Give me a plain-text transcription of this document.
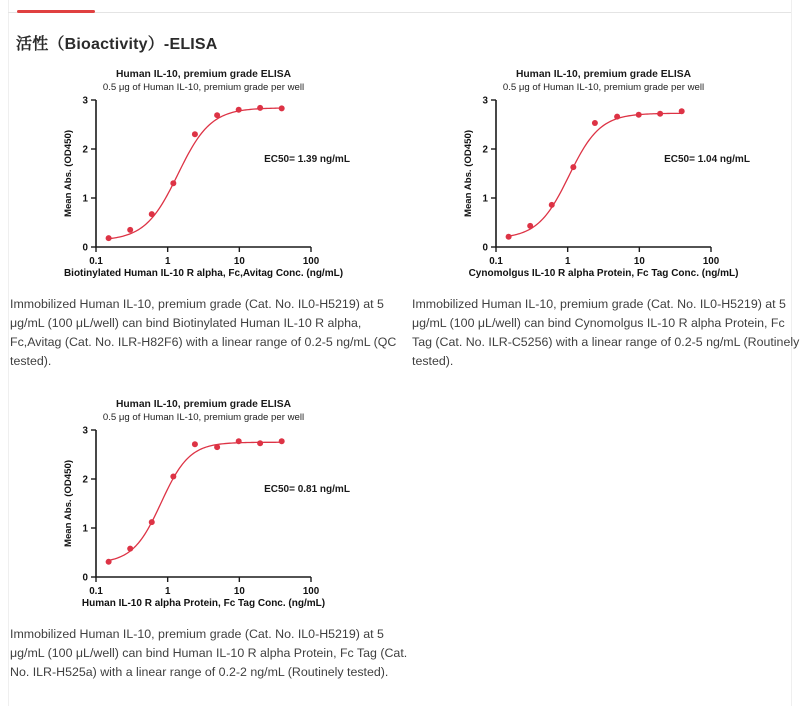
活性（Bioactivity）-ELISA
Human IL-10, premium grade ELISA
0.5 μg of Human IL-10, premium grade per well
0
1
2
3
0.1	1	10	100
Mean Abs. (OD450)
Biotinylated Human IL-10 R alpha, Fc,Avitag Conc. (ng/mL)
EC50= 1.39 ng/mL
Human IL-10, premium grade ELISA
0.5 μg of Human IL-10, premium grade per well
0
1
2
3
0.1	1	10	100
Mean Abs. (OD450)
Cynomolgus IL-10 R alpha Protein, Fc Tag Conc. (ng/mL)
EC50= 1.04 ng/mL
Human IL-10, premium grade ELISA
0.5 μg of Human IL-10, premium grade per well
0
1
2
3
0.1	1	10	100
Mean Abs. (OD450)
Human IL-10 R alpha Protein, Fc Tag Conc. (ng/mL)
EC50= 0.81 ng/mL

Immobilized Human IL-10, premium grade (Cat. No. IL0-H5219) at 5 μg/mL (100 μL/well) can bind Biotinylated Human IL-10 R alpha, Fc,Avitag (Cat. No. ILR-H82F6) with a linear range of 0.2-5 ng/mL (QC tested).

Immobilized Human IL-10, premium grade (Cat. No. IL0-H5219) at 5 μg/mL (100 μL/well) can bind Cynomolgus IL-10 R alpha Protein, Fc Tag (Cat. No. ILR-C5256) with a linear range of 0.2-5 ng/mL (Routinely tested).

Immobilized Human IL-10, premium grade (Cat. No. IL0-H5219) at 5 μg/mL (100 μL/well) can bind Human IL-10 R alpha Protein, Fc Tag (Cat. No. ILR-H525a) with a linear range of 0.2-2 ng/mL (Routinely tested).
